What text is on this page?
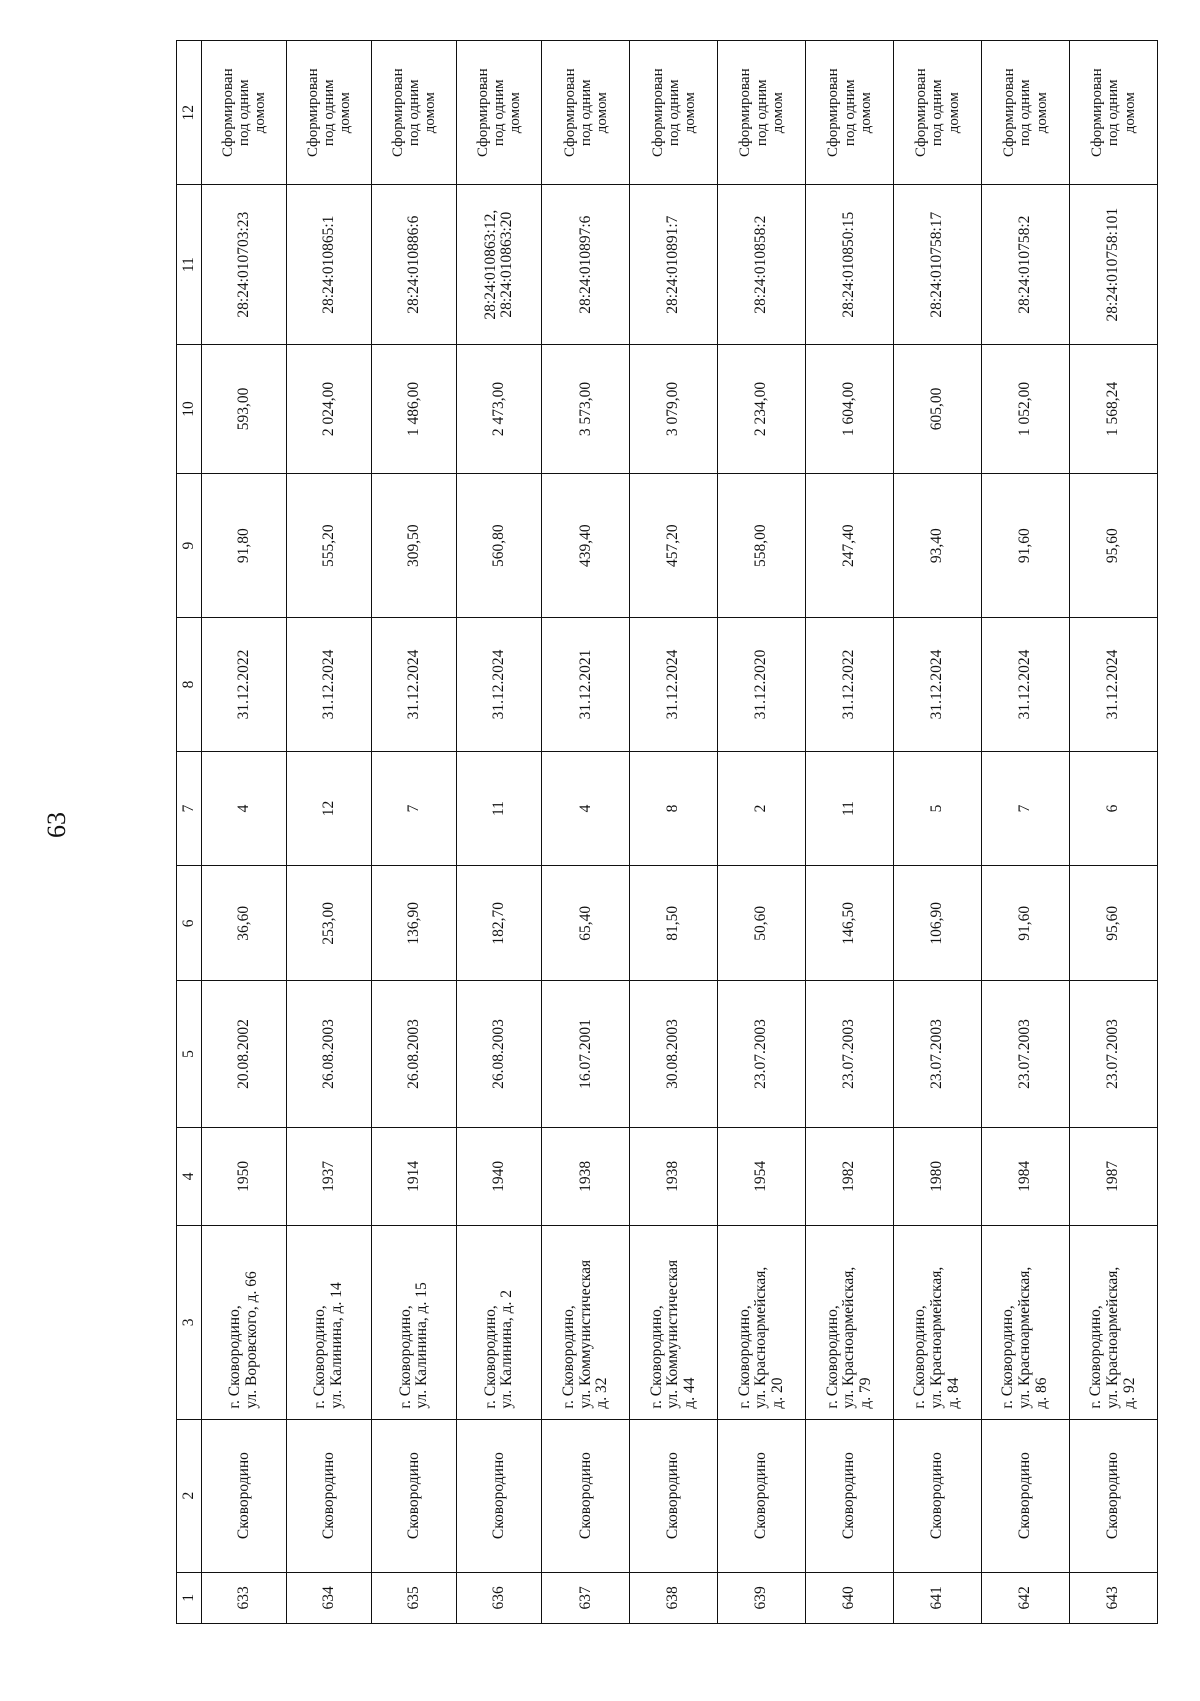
63
1	2	3	4	5	6	7	8	9	10	11	12
633	Сковородино	г. Сковородино,
ул. Воровского, д. 66	1950	20.08.2002	36,60	4	31.12.2022	91,80	593,00	28:24:010703:23	Сформирован
под одним
домом
634	Сковородино	г. Сковородино,
ул. Калинина, д. 14	1937	26.08.2003	253,00	12	31.12.2024	555,20	2 024,00	28:24:010865:1	Сформирован
под одним
домом
635	Сковородино	г. Сковородино,
ул. Калинина, д. 15	1914	26.08.2003	136,90	7	31.12.2024	309,50	1 486,00	28:24:010886:6	Сформирован
под одним
домом
636	Сковородино	г. Сковородино,
ул. Калинина, д. 2	1940	26.08.2003	182,70	11	31.12.2024	560,80	2 473,00	28:24:010863:12,
28:24:010863:20	Сформирован
под одним
домом
637	Сковородино	г. Сковородино,
ул. Коммунистическая
д. 32	1938	16.07.2001	65,40	4	31.12.2021	439,40	3 573,00	28:24:010897:6	Сформирован
под одним
домом
638	Сковородино	г. Сковородино,
ул. Коммунистическая
д. 44	1938	30.08.2003	81,50	8	31.12.2024	457,20	3 079,00	28:24:010891:7	Сформирован
под одним
домом
639	Сковородино	г. Сковородино,
ул. Красноармейская,
д. 20	1954	23.07.2003	50,60	2	31.12.2020	558,00	2 234,00	28:24:010858:2	Сформирован
под одним
домом
640	Сковородино	г. Сковородино,
ул. Красноармейская,
д. 79	1982	23.07.2003	146,50	11	31.12.2022	247,40	1 604,00	28:24:010850:15	Сформирован
под одним
домом
641	Сковородино	г. Сковородино,
ул. Красноармейская,
д. 84	1980	23.07.2003	106,90	5	31.12.2024	93,40	605,00	28:24:010758:17	Сформирован
под одним
домом
642	Сковородино	г. Сковородино,
ул. Красноармейская,
д. 86	1984	23.07.2003	91,60	7	31.12.2024	91,60	1 052,00	28:24:010758:2	Сформирован
под одним
домом
643	Сковородино	г. Сковородино,
ул. Красноармейская,
д. 92	1987	23.07.2003	95,60	6	31.12.2024	95,60	1 568,24	28:24:010758:101	Сформирован
под одним
домом
